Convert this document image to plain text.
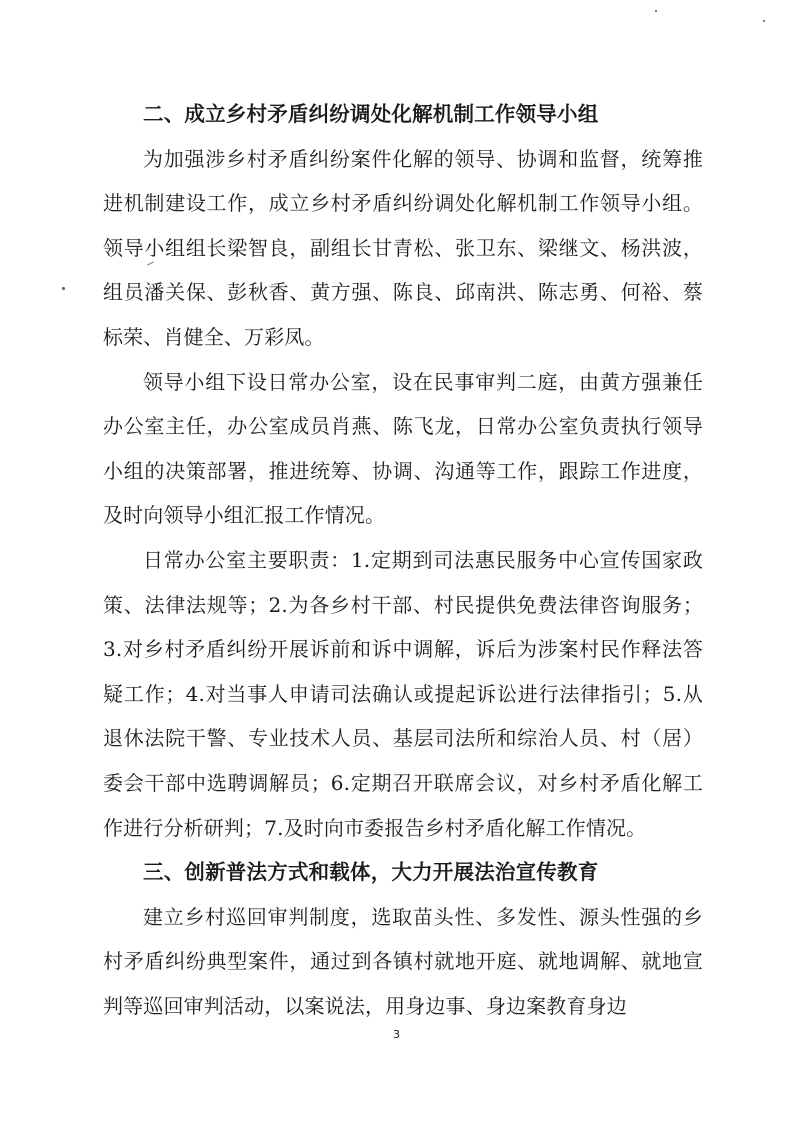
二、成立乡村矛盾纠纷调处化解机制工作领导小组

为加强涉乡村矛盾纠纷案件化解的领导、协调和监督，统筹推进机制建设工作，成立乡村矛盾纠纷调处化解机制工作领导小组。领导小组组长梁智良，副组长甘青松、张卫东、梁继文、杨洪波，组员潘关保、彭秋香、黄方强、陈良、邱南洪、陈志勇、何裕、蔡标荣、肖健全、万彩凤。

领导小组下设日常办公室，设在民事审判二庭，由黄方强兼任办公室主任，办公室成员肖燕、陈飞龙，日常办公室负责执行领导小组的决策部署，推进统筹、协调、沟通等工作，跟踪工作进度，及时向领导小组汇报工作情况。

日常办公室主要职责：1.定期到司法惠民服务中心宣传国家政策、法律法规等；2.为各乡村干部、村民提供免费法律咨询服务；3.对乡村矛盾纠纷开展诉前和诉中调解，诉后为涉案村民作释法答疑工作；4.对当事人申请司法确认或提起诉讼进行法律指引；5.从退休法院干警、专业技术人员、基层司法所和综治人员、村（居）委会干部中选聘调解员；6.定期召开联席会议，对乡村矛盾化解工作进行分析研判；7.及时向市委报告乡村矛盾化解工作情况。

三、创新普法方式和载体，大力开展法治宣传教育

建立乡村巡回审判制度，选取苗头性、多发性、源头性强的乡村矛盾纠纷典型案件，通过到各镇村就地开庭、就地调解、就地宣判等巡回审判活动，以案说法，用身边事、身边案教育身边

3
